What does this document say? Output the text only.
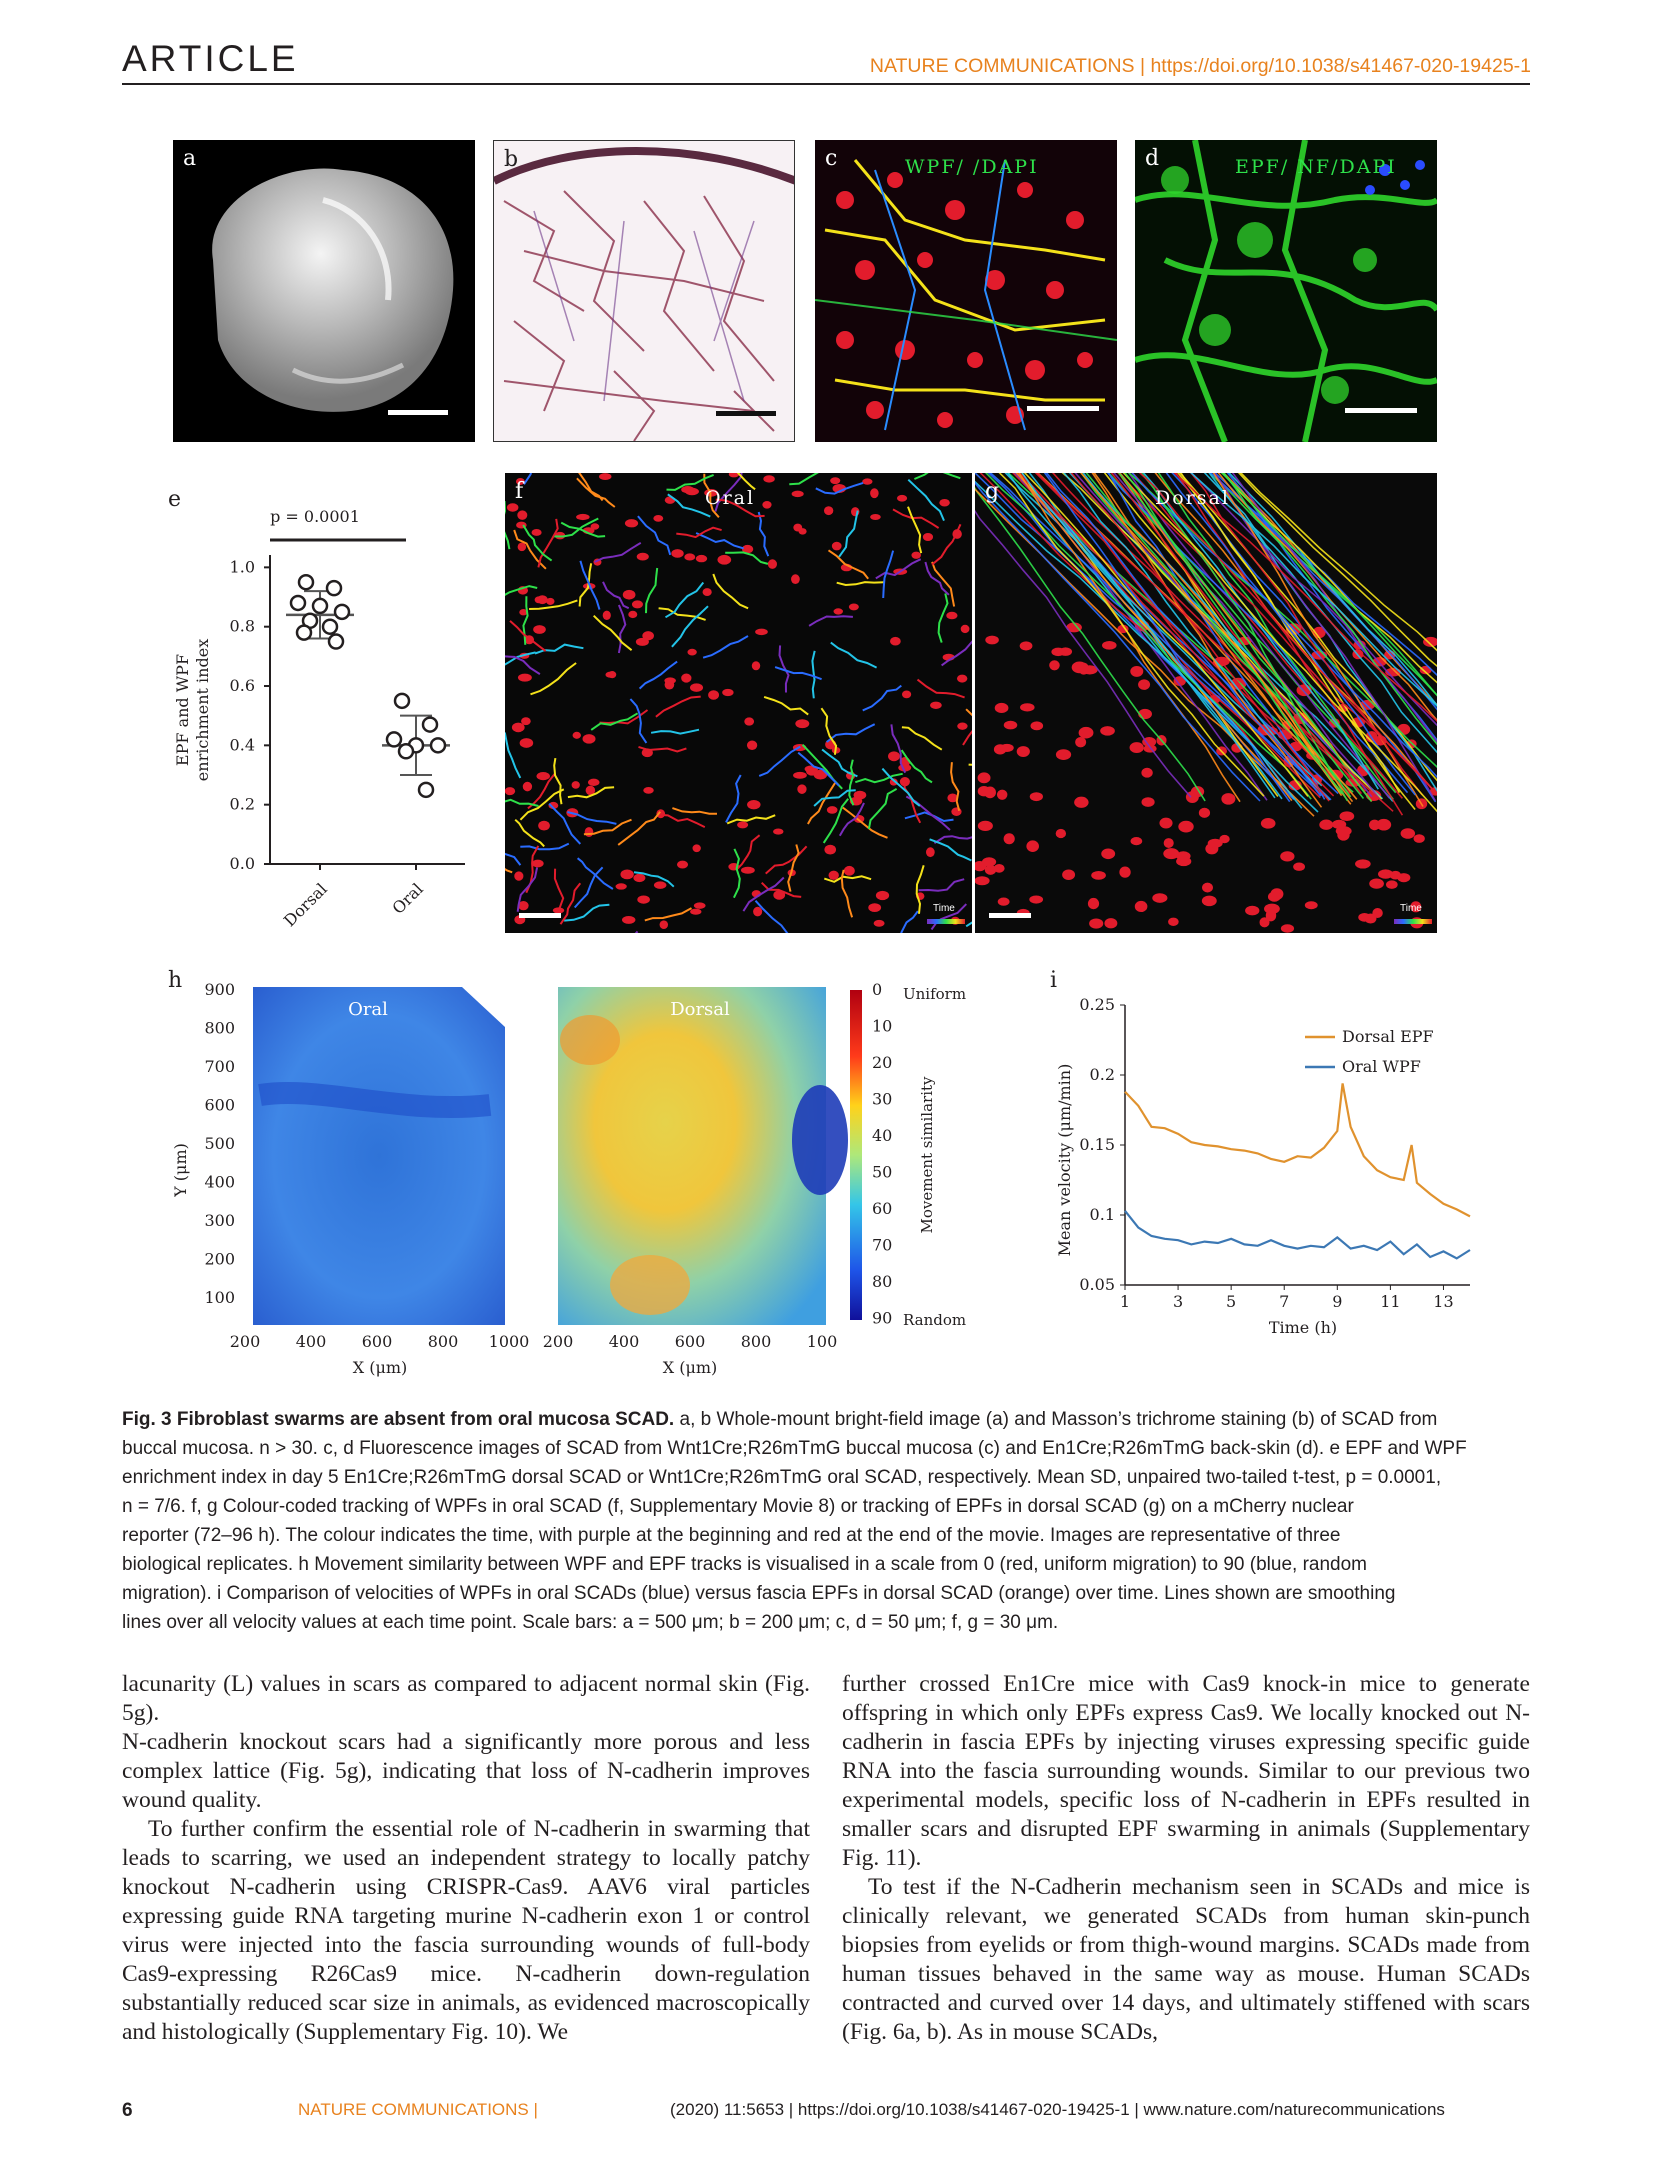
ARTICLE	NATURE COMMUNICATIONS | https://doi.org/10.1038/s41467-020-19425-1
a	b	c	WPF/ /DAPI	d	EPF/ NF/DAPI
e
p = 0.0001
0.0
0.2
0.4
0.6
0.8
1.0
Dorsal	Oral
EPF and WPF enrichment index
f	Oral
Time
g	Dorsal
Time
h 900
800
700
600
500
400
300
200
100
Y (μm)
Oral	Dorsal
200 400 600 800 1000 200 400 600 800 100
X (μm)	X (μm)
0
10
20
30
40
50
60
70
80
90
Uniform
Random
Movement similarity
i
0.05
0.1
0.15
0.2
0.25
1	3	5	7	9 11 13
Dorsal EPF
Oral WPF
Time (h)
Mean velocity (μm/min)
Fig. 3 Fibroblast swarms are absent from oral mucosa SCAD. a, b Whole-mount bright-field image (a) and Masson’s trichrome staining (b) of SCAD from
buccal mucosa. n > 30. c, d Fluorescence images of SCAD from Wnt1Cre;R26mTmG buccal mucosa (c) and En1Cre;R26mTmG back-skin (d). e EPF and WPF
enrichment index in day 5 En1Cre;R26mTmG dorsal SCAD or Wnt1Cre;R26mTmG oral SCAD, respectively. Mean SD, unpaired two-tailed t-test, p = 0.0001,
n = 7/6. f, g Colour-coded tracking of WPFs in oral SCAD (f, Supplementary Movie 8) or tracking of EPFs in dorsal SCAD (g) on a mCherry nuclear
reporter (72–96 h). The colour indicates the time, with purple at the beginning and red at the end of the movie. Images are representative of three
biological replicates. h Movement similarity between WPF and EPF tracks is visualised in a scale from 0 (red, uniform migration) to 90 (blue, random
migration). i Comparison of velocities of WPFs in oral SCADs (blue) versus fascia EPFs in dorsal SCAD (orange) over time. Lines shown are smoothing
lines over all velocity values at each time point. Scale bars: a = 500 μm; b = 200 μm; c, d = 50 μm; f, g = 30 μm.

lacunarity (L) values in scars as compared to adjacent normal skin (Fig. 5g).

N-cadherin knockout scars had a significantly more porous and less complex lattice (Fig. 5g), indicating that loss of N-cadherin improves wound quality.

To further confirm the essential role of N-cadherin in swarming that leads to scarring, we used an independent strategy to locally patchy knockout N-cadherin using CRISPR-Cas9. AAV6 viral particles expressing guide RNA targeting murine N-cadherin exon 1 or control virus were injected into the fascia surrounding wounds of full-body Cas9-expressing R26Cas9 mice. N-cadherin down-regulation substantially reduced scar size in animals, as evidenced macroscopically and histologically (Supplementary Fig. 10). We

further crossed En1Cre mice with Cas9 knock-in mice to generate offspring in which only EPFs express Cas9. We locally knocked out N-cadherin in fascia EPFs by injecting viruses expressing specific guide RNA into the fascia surrounding wounds. Similar to our previous two experimental models, specific loss of N-cadherin in EPFs resulted in smaller scars and disrupted EPF swarming in animals (Supplementary Fig. 11).

To test if the N-Cadherin mechanism seen in SCADs and mice is clinically relevant, we generated SCADs from human skin-punch biopsies from eyelids or from thigh-wound margins. SCADs made from human tissues behaved in the same way as mouse. Human SCADs contracted and curved over 14 days, and ultimately stiffened with scars (Fig. 6a, b). As in mouse SCADs,

6	NATURE COMMUNICATIONS |	(2020) 11:5653 | https://doi.org/10.1038/s41467-020-19425-1 | www.nature.com/naturecommunications
